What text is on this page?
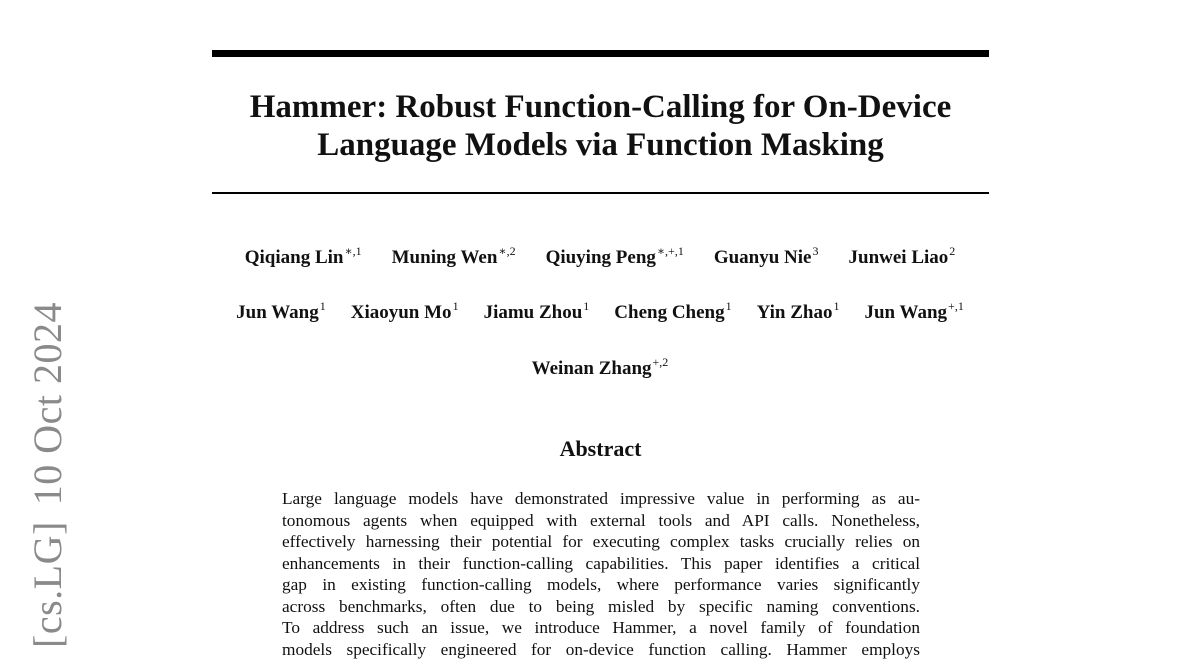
[cs.LG]10 Oct 2024
Hammer: Robust Function-Calling for On-Device
Language Models via Function Masking
Qiqiang Lin$^{∗,1}$ Muning Wen$^{∗,2}$ Qiuying Peng$^{∗,+,1}$ Guanyu Nie$^3$ Junwei Liao$^2$
Jun Wang$^1$ Xiaoyun Mo$^1$ Jiamu Zhou$^1$ Cheng Cheng$^1$ Yin Zhao$^1$ Jun Wang$^{+,1}$
Weinan Zhang$^{+,2}$
Abstract
Large language models have demonstrated impressive value in performing as au-
tonomous agents when equipped with external tools and API calls. Nonetheless,
effectively harnessing their potential for executing complex tasks crucially relies on
enhancements in their function-calling capabilities. This paper identifies a critical
gap in existing function-calling models, where performance varies significantly
across benchmarks, often due to being misled by specific naming conventions.
To address such an issue, we introduce Hammer, a novel family of foundation
models specifically engineered for on-device function calling. Hammer employs
